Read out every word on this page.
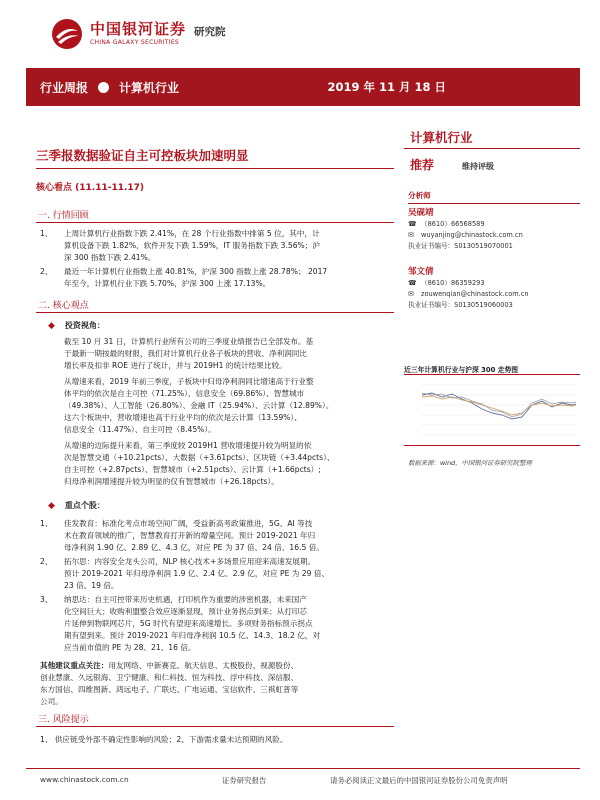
中国银河证券
CHINA GALAXY SECURITIES
研究院
行业周报	计算机行业	2019 年 11 月 18 日
三季报数据验证自主可控板块加速明显
计算机行业
推荐	维持评级
核心看点 (11.11-11.17)
一. 行情回顾
1、 上周计算机行业指数下跌 2.41%，在 28 个行业指数中排第 5 位，其中，计
算机设备下跌 1.82%，软件开发下跌 1.59%，IT 服务指数下跌 3.56%；沪
深 300 指数下跌 2.41%。
2、 最近一年计算机行业指数上涨 40.81%，沪深 300 指数上涨 28.78%； 2017
年至今，计算机行业下跌 5.70%，沪深 300 上涨 17.13%。
二. 核心观点
◆ 投资视角：
截至 10 月 31 日，计算机行业所有公司的三季度业绩报告已全部发布。基
于最新一期按最的财报，我们对计算机行业各子板块的营收、净利润同比
增长率及扣非 ROE 进行了统计，并与 2019H1 的统计结果比较。
从增速来看，2019 年前三季度，子板块中归母净利润同比增速高于行业整
体平均的依次是自主可控（71.25%）、信息安全（69.86%）、智慧城市
（49.38%）、人工智能（26.80%）、金融 IT（25.94%）、云计算（12.89%）。
这六个板块中，营收增速也高于行业平均的依次是云计算（13.59%）、
信息安全（11.47%）、自主可控（8.45%）。
从增速的边际提升来看，第三季度较 2019H1 营收增速提升较为明显的依
次是智慧交通（+10.21pcts）、大数据（+3.61pcts）、区块链（+3.44pcts）、
自主可控（+2.87pcts）、智慧城市（+2.51pcts）、云计算（+1.66pcts）;
归母净利润增速提升较为明显的仅有智慧城市（+26.18pcts）。
◆ 重点个股：
1、 佳发教育：标准化考点市场空间广阔，受益新高考政策推进，5G、AI 等技
术在教育领域的推广，智慧教育打开新的增量空间。预计 2019-2021 年归
母净利润 1.90 亿、2.89 亿、4.3 亿，对应 PE 为 37 倍、24 倍、16.5 倍。
2、 拓尔思：内容安全龙头公司，NLP 核心技术+多场景应用迎来高速发展期。
预计 2019-2021 年归母净利润 1.9 亿、2.4 亿、2.9 亿，对应 PE 为 29 倍、
23 倍、19 倍。
3、 纳思达：自主可控带来历史机遇，打印机作为重要的涉密机器，未来国产
化空间巨大；收购利盟整合效应逐渐显现，预计业务拐点到来；从打印芯
片延伸到物联网芯片，5G 时代有望迎来高速增长。多项财务指标预示拐点
期有望到来。预计 2019-2021 年归母净利润 10.5 亿、14.3、18.2 亿，对
应当前市值的 PE 为 28、21、16 倍。
其他建议重点关注：用友网络、中新赛克、航天信息、太极股份、视源股份、
创业慧康、久远银海、卫宁健康、和仁科技、恒为科技、浮中科技、深信服、
东方国信、四维图新、鸿远电子、广联达、广电运通、宝信软件、三祺虹普等
公司。
三. 风险提示
1、 供应链受外部不确定性影响的风险；2、下游需求量未达预期的风险。
分析师
吴砚靖
☎ （8610）66568589
✉	wuyanjing@chinastock.com.cn
执业证书编号： S0130519070001
邹文倩
☎ （8610）86359293
✉	zouwenqian@chinastock.com.cn
执业证书编号： S0130519060003
近三年计算机行业与沪深 300 走势图
数据来源：wind，中国银河证券研究院整理
www.chinastock.com.cn	证券研究报告	请务必阅读正文最后的中国银河证券股份公司免责声明
